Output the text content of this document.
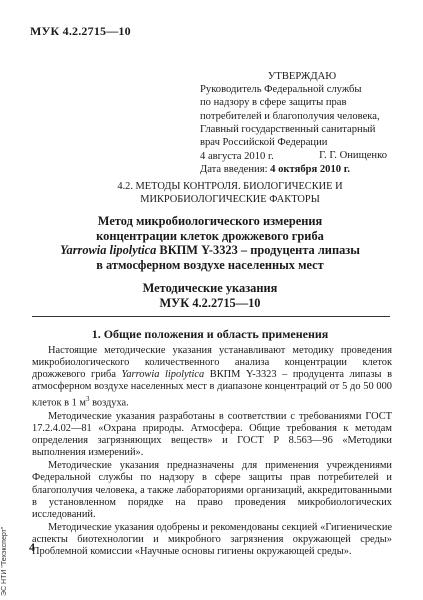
МУК 4.2.2715—10
УТВЕРЖДАЮ
Руководитель Федеральной службы
по надзору в сфере защиты прав
потребителей и благополучия человека,
Главный государственный санитарный
врач Российской Федерации
Г. Г. Онищенко
4 августа 2010 г.
Дата введения: 4 октября 2010 г.
4.2. МЕТОДЫ КОНТРОЛЯ. БИОЛОГИЧЕСКИЕ И
МИКРОБИОЛОГИЧЕСКИЕ ФАКТОРЫ
Метод микробиологического измерения
концентрации клеток дрожжевого гриба
Yarrowia lipolytica ВКПМ Y-3323 – продуцента липазы
в атмосферном воздухе населенных мест
Методические указания
МУК 4.2.2715—10
1. Общие положения и область применения

Настоящие методические указания устанавливают методику проведения микробиологического количественного анализа концентрации клеток дрожжевого гриба Yarrowia lipolytica ВКПМ Y-3323 – продуцента липазы в атмосферном воздухе населенных мест в диапазоне концентраций от 5 до 50 000 клеток в 1 $м^3$ воздуха.

Методические указания разработаны в соответствии с требованиями ГОСТ 17.2.4.02—81 «Охрана природы. Атмосфера. Общие требования к методам определения загрязняющих веществ» и ГОСТ Р 8.563—96 «Методики выполнения измерений».

Методические указания предназначены для применения учреждениями Федеральной службы по надзору в сфере защиты прав потребителей и благополучия человека, а также лабораториями организаций, аккредитованными в установленном порядке на право проведения микробиологических исследований.

Методические указания одобрены и рекомендованы секцией «Гигиенические аспекты биотехнологии и микробного загрязнения окружающей среды» Проблемной комиссии «Научные основы гигиены окружающей среды».

4
ЭС НТИ "Техэксперт"
